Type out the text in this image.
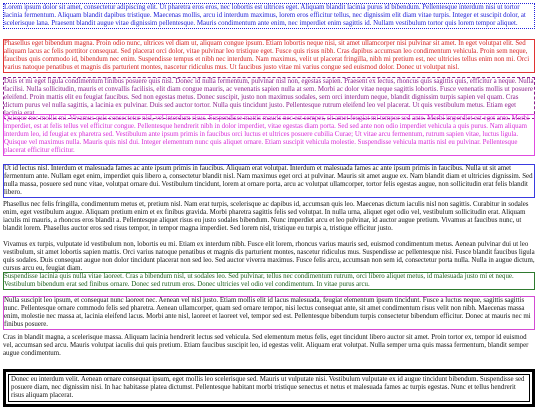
Lorem ipsum dolor sit amet, consectetur adipiscing elit. Ut pharetra eros eros, nec lobortis est ultrices eget. Aliquam blandit lacinia purus id bibendum. Pellentesque interdum nisi ut tortor lacinia fermentum. Aliquam blandit dapibus tristique. Maecenas mollis, arcu id interdum maximus, lorem eros efficitur tellus, nec dignissim elit diam vitae turpis. Integer et suscipit dolor, at scelerisque lana. Praesent blandit augue vitae dignissim pellentesque. Mauris condimentum ante enim, nec imperdiet enim sagittis id. Nullam vestibulum tortor quis lorem tempor aliquet.

Phasellus eget bibendum magna. Proin odio nunc, ultrices vel diam ut, aliquam congue ipsum. Etiam lobortis neque nisi, sit amet ullamcorper nisi pulvinar sit amet. In eget volutpat elit. Sed aliquam lacus ac felis porttitor consequat. Sed placerat orci dolor, vitae pulvinar leo tristique eget. Fusce quis risus nibh. Cras dapibus accumsan leo condimentum vehicula. Proin sem neque, faucibus quis commodo id, bibendum nec enim. Suspendisse tempus et nibh nec interdum. Nam maximus, velit ut placerat fringilla, nibh mi pretium est, nec ultricies tellus enim non mi. Orci varius natoque penatibus et magnis dis parturient montes, nascetur ridiculus mus. Ut faucibus justo vitae mi varius congue sed euismod dolor. Donec ut volutpat nisl.

Duis et mi eget ligula condimentum finibus posuere quis nisl. Donec id nulla fermentum, pulvinar nisl non, egestas sapien. Praesent ex lectus, rhoncus quis sagittis quis, efficitur a neque. Nulla facilisi. Nulla sollicitudin, mauris et convallis facilisis, elit diam congue mauris, ac venenatis sapien nulla at sem. Morbi ac dolor vitae neque sagittis lobortis. Fusce venenatis mollis ut posuere eleifend. Proin mattis elit eu feugiat faucibus. Sed non egestas metus. Donec suscipit, justo non maximus sodales, sem orci interdum neque, blandit dignissim turpis sapien vel quam. Cras dictum purus vel nulla sagittis, a lacinia ex pulvinar. Duis sed auctor tortor. Nulla quis tincidunt justo. Pellentesque rutrum eleifend leo vel placerat. Ut quis vestibulum metus. Etiam eget lacinia erat.

Quisque nec mollis mi. Vivamus quis consectetur nisl, vel interdum risus. Suspendisse mattis mauris nec est semper, sit amet feugiat mi tempor sed ante. Morbi imperdiet est eget ante. Morbi imperdiet, est at felis tellus vel efficitur congue. Pellentesque hendrerit nibh in dolor imperdiet, vitae egestas diam porta. Sed sed ante non odio imperdiet vehicula a quis purus. Nam aliquam interdum leo, id feugiat ex pharetra sed. Vestibulum ante ipsum primis in faucibus orci luctus et ultrices posuere cubilia Curae; Ut vitae arcu fermentum, rutrum sapien vitae, luctus ligula. Quisque vel maximus nulla. Mauris quis nisl dui. Integer elementum nunc quis aliquet ornare. Etiam suscipit vehicula molestie. Suspendisse vehicula mattis nisl eu pulvinar. Pellentesque placerat efficitur efficitur.

Ut id lectus nisl. Interdum et malesuada fames ac ante ipsum primis in faucibus. Aliquam erat volutpat. Interdum et malesuada fames ac ante ipsum primis in faucibus. Nulla ut sit amet fermentum ante. Nullam eget enim, imperdiet quis libero a, consectetur blandit nisl. Nam maximus eget orci at pulvinar. Mauris sit amet augue ex. Nam blandit diam et ultricies dignissim. Sed nulla massa, posuere sed nunc vitae, volutpat ornare dui. Vestibulum tincidunt, lorem at ornare porta, arcu ac volutpat ullamcorper, tortor felis egestas augue, non sollicitudin erat felis blandit libero.

Phasellus nec felis fringilla, condimentum metus et, pretium nisl. Nam erat turpis, scelerisque ac dapibus id, accumsan quis leo. Maecenas dictum iaculis nisl non sagittis. Curabitur in sodales enim, eget vestibulum augue. Aliquam pretium enim et ex finibus gravida. Morbi pharetra sagittis felis sed volutpat. In nulla urna, aliquet eget odio vel, vestibulum sollicitudin erat. Aliquam iaculis mi mauris, a rhoncus eros blandit a. Pellentesque aliquet risus eu justo sodales bibendum. Nunc imperdiet arcu et leo pulvinar, id auctor augue pretium. Vivamus at faucibus nunc, ut blandit lorem. Phasellus auctor eros sed risus tempor, in tempor magna imperdiet. Sed lorem nisl, tristique eu turpis a, tristique efficitur justo.

Vivamus ex turpis, vulputate id vestibulum non, lobortis eu mi. Etiam ex interdum nibh. Fusce elit lorem, rhoncus varius mauris sed, euismod condimentum metus. Aenean pulvinar dui ut leo vestibulum, sit amet lobortis sapien mattis. Orci varius natoque penatibus et magnis dis parturient montes, nascetur ridiculus mus. Suspendisse ac pellentesque nisi. Fusce blandit faucibus ligula quis sodales. Duis consequat augue non dolor tincidunt placerat non sed leo. Sed auctor viverra maximus. Fusce felis arcu, accumsan non sem id, consectetur porta nulla. Nulla in augue dictum, cursus arcu eu, feugiat diam.

Suspendisse lacinia quis nulla vitae laoreet. Cras a bibendum nisl, ut sodales leo. Sed pulvinar, tellus nec condimentum rutrum, orci libero aliquet metus, id malesuada justo mi et neque. Vestibulum bibendum erat sed finibus ornare. Donec sed rutrum eros. Donec ultricies vel odio vel condimentum. In vitae purus arcu.

Nulla suscipit leo ipsum, et consequat nunc laoreet nec. Aenean vel nisl justo. Etiam mollis elit id lacus malesuada, feugiat elementum ipsum tincidunt. Fusce a luctus neque, sagittis sagittis nunc. Pellentesque ornare commodo felis sed pharetra. Aenean ullamcorper, quam sed ornare tempor, nisi lectus consequat ante, sit amet condimentum risus velit non nibh. Maecenas massa enim, molestie nec massa at, lacinia eleifend lacus. Morbi ante nisl, laoreet et laoreet vel, tempor sed est. Pellentesque bibendum turpis consectetur bibendum efficitur. Donec at mauris nec mi finibus posuere.

Cras in blandit magna, a scelerisque massa. Aliquam lacinia hendrerit lectus sed vehicula. Sed elementum metus felis, eget tincidunt libero auctor sit amet. Proin tortor ex, tempor id euismod vel, accumsan sed arcu. Mauris volutpat iaculis dui quis pretium. Etiam faucibus suscipit leo, id egestas velit. Aliquam erat volutpat. Nulla semper urna quis massa fermentum, blandit semper augue condimentum.

Donec eu interdum velit. Aenean ornare consequat ipsum, eget mollis leo scelerisque sed. Mauris ut vulputate nisi. Vestibulum vulputate ex id augue tincidunt bibendum. Suspendisse sed posuere diam, nec dignissim nisi. In hac habitasse platea dictumst. Pellentesque habitant morbi tristique senectus et netus et malesuada fames ac turpis egestas. Nunc et tellus hendrerit risus aliquam placerat.
